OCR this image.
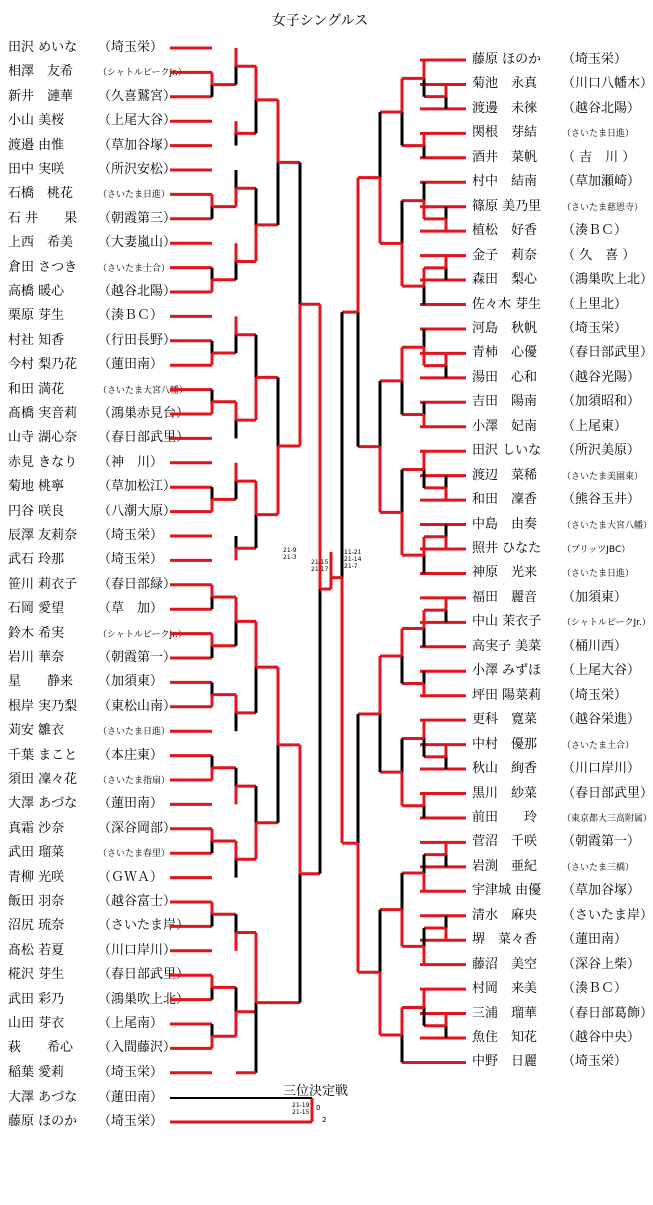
女子シングルス
三位決定戦
田沢 めいな （埼玉栄）
相澤　友希	（シャトルピークJr.）
新井　漣華 （久喜鷲宮）
小山 美桜	（上尾大谷）
渡邉 由惟	（草加谷塚）
田中 実咲	（所沢安松）
石橋　桃花	（さいたま日進）
石 井　　果 （朝霞第三）
上西　希美 （大妻嵐山）
倉田 さつき （さいたま土合）
高橋 暖心	（越谷北陽）
栗原 芽生	（湊ＢＣ）
村社 知香	（行田長野）
今村 梨乃花 （蓮田南）
和田 満花	（さいたま大宮八幡）
髙橋 実音莉 （鴻巣赤見台）
山寺 湖心奈 （春日部武里）
赤見 きなり （神　川）
菊地 桃寧	（草加松江）
円谷 咲良	（八潮大原）
辰澤 友莉奈 （埼玉栄）
武石 玲那	（埼玉栄）
笹川 莉衣子 （春日部緑）
石岡 愛望	（草　加）
鈴木 希実	（シャトルピークJr.）
岩川 華奈	（朝霞第一）
星　　静来 （加須東）
根岸 実乃梨 （東松山南）
苅安 雛衣	（さいたま日進）
千葉 まこと （本庄東）
須田 凜々花 （さいたま指扇）
大澤 あづな （蓮田南）
真霜 沙奈	（深谷岡部）
武田 瑠菜	（さいたま春里）
青柳 光咲	（ＧＷＡ）
飯田 羽奈	（越谷富士）
沼尻 琉奈	（さいたま岸）
髙松 若夏	（川口岸川）
椛沢 芽生	（春日部武里）
武田 彩乃	（鴻巣吹上北）
山田 芽衣	（上尾南）
萩　　希心 （入間藤沢）
稲葉 愛莉	（埼玉栄）
藤原 ほのか （埼玉栄）
菊池　永真 （川口八幡木）
渡邊　未徠 （越谷北陽）
関根　芽結	（さいたま日進）
酒井　菜帆 （ 吉　川 ）
村中　結南 （草加瀬崎）
篠原 美乃里 （さいたま慈恩寺）
植松　好香 （湊ＢＣ）
金子　莉奈 （ 久　喜 ）
森田　梨心 （鴻巣吹上北）
佐々木 芽生 （上里北）
河島　秋帆 （埼玉栄）
青柿　心優 （春日部武里）
湯田　心和 （越谷光陽）
吉田　陽南 （加須昭和）
小澤　妃南 （上尾東）
田沢 しいな （所沢美原）
渡辺　菜稀	（さいたま美園東）
和田　凜香 （熊谷玉井）
中島　由奏	（さいたま大宮八幡）
照井 ひなた （ブリッツJBC）
神原　光来	（さいたま日進）
福田　麗音 （加須東）
中山 茉衣子 （シャトルピークJr.）
高実子 美菜 （桶川西）
小澤 みずほ （上尾大谷）
坪田 陽菜莉 （埼玉栄）
更科　寛菜 （越谷栄進）
中村　優那	（さいたま土合）
秋山　絢香 （川口岸川）
黒川　紗菜 （春日部武里）
前田　　玲	（東京都大三高附属）
菅沼　千咲 （朝霞第一）
岩渕　亜紀	（さいたま三橋）
宇津城 由優 （草加谷塚）
清水　麻央 （さいたま岸）
堺　菜々香 （蓮田南）
藤沼　美空 （深谷上柴）
村岡　来美 （湊ＢＣ）
三浦　瑠華 （春日部葛飾）
魚住　知花 （越谷中央）
中野　日麗 （埼玉栄）
大澤 あづな （蓮田南）
藤原 ほのか （埼玉栄）
21-9
21-3
21-15
21-17
11-21
21-14
21-7
21-19
21-15
0
2
